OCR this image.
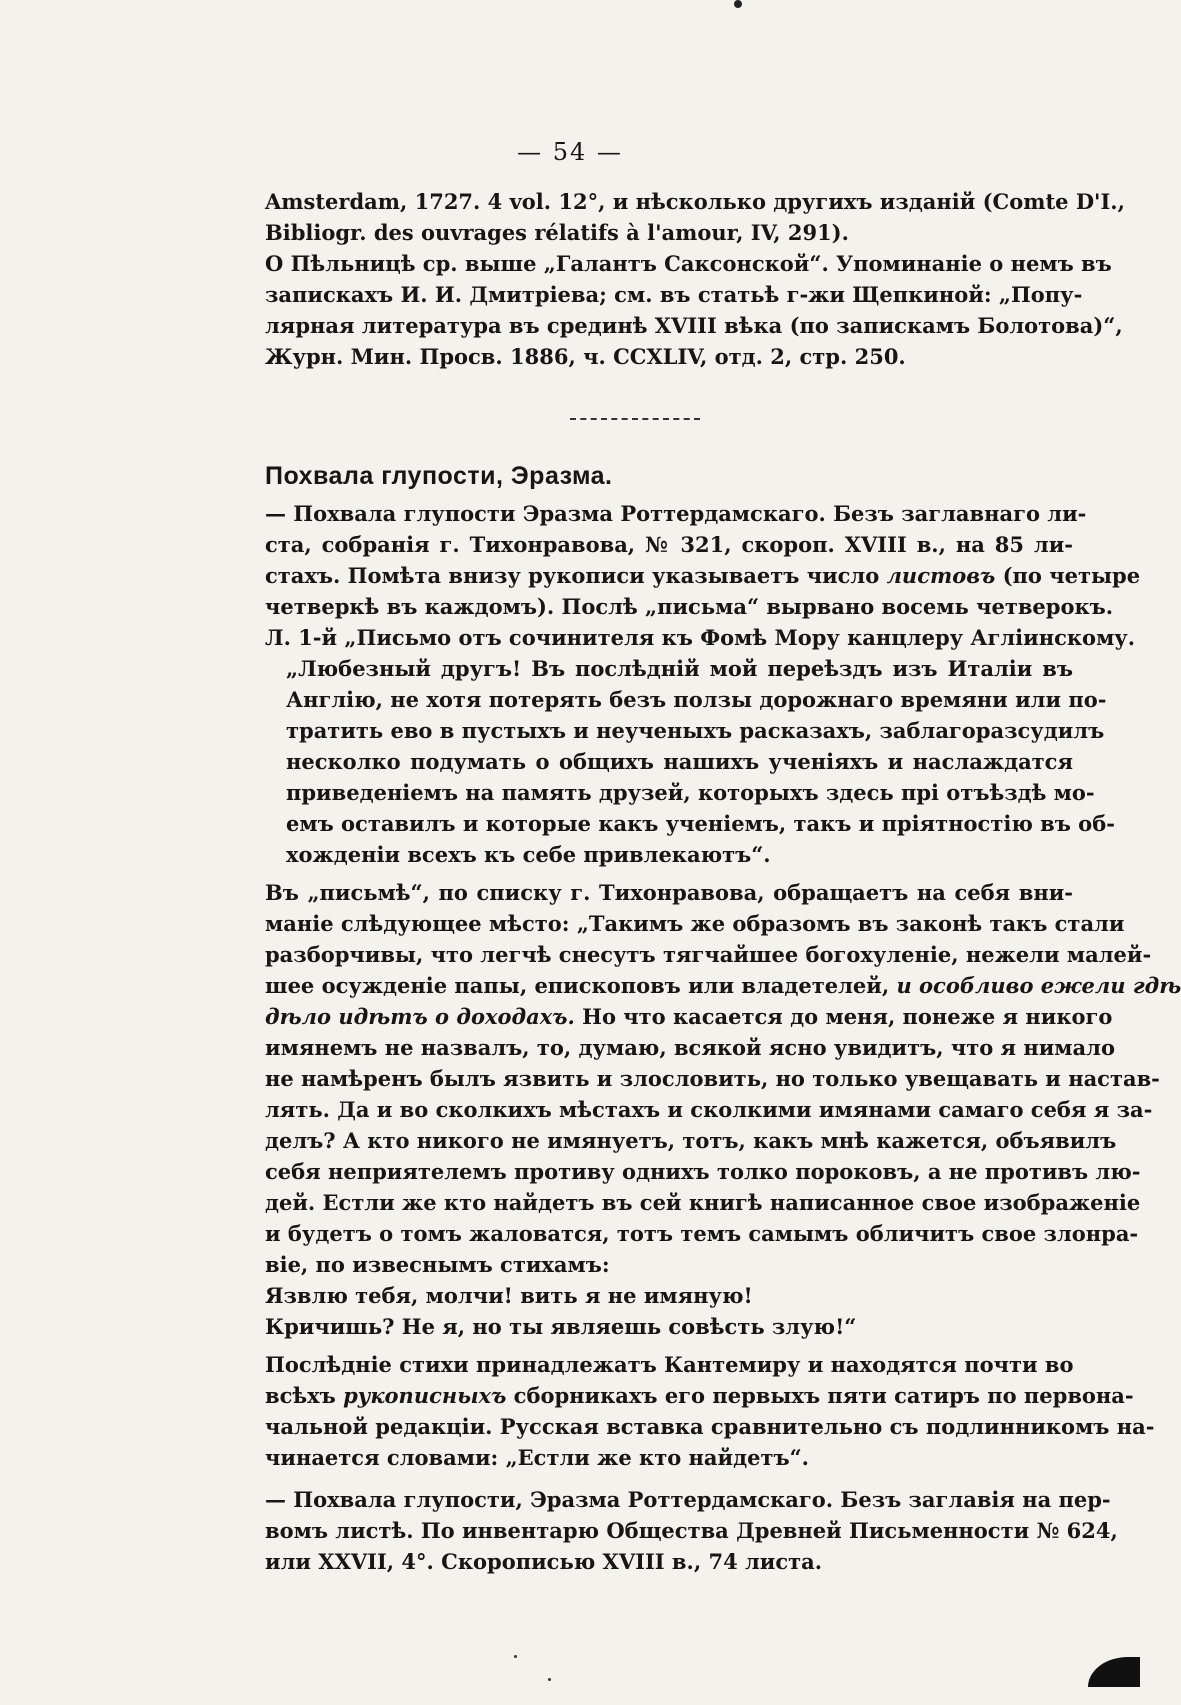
— 54 —
Amsterdam, 1727. 4 vol. 12°, и нѣсколько другихъ изданій (Comte D'I.,
Bibliogr. des ouvrages rélatifs à l'amour, IV, 291).
О Пѣльницѣ ср. выше „Галантъ Саксонской“. Упоминаніе о немъ въ
запискахъ И. И. Дмитріева; см. въ статьѣ г-жи Щепкиной: „Попу-
лярная литература въ срединѣ XVIII вѣка (по запискамъ Болотова)“,
Журн. Мин. Просв. 1886, ч. CCXLIV, отд. 2, стр. 250.
Похвала глупости, Эразма.
— Похвала глупости Эразма Роттердамскаго. Безъ заглавнаго ли-
ста, собранія г. Тихонравова, № 321, скороп. XVIII в., на 85 ли-
стахъ. Помѣта внизу рукописи указываетъ число листовъ (по четыре
четверкѣ въ каждомъ). Послѣ „письма“ вырвано восемь четверокъ.
Л. 1-й „Письмо отъ сочинителя къ Фомѣ Мору канцлеру Агліинскому.
„Любезный другъ! Въ послѣдній мой переѣздъ изъ Италіи въ
Англію, не хотя потерять безъ ползы дорожнаго времяни или по-
тратить ево в пустыхъ и неученыхъ расказахъ, заблагоразсудилъ
несколко подумать о общихъ нашихъ ученіяхъ и наслаждатся
приведеніемъ на память друзей, которыхъ здесь прі отъѣздѣ мо-
емъ оставилъ и которые какъ ученіемъ, такъ и пріятностію въ об-
хожденіи всехъ къ себе привлекаютъ“.
Въ „письмѣ“, по списку г. Тихонравова, обращаетъ на себя вни-
маніе слѣдующее мѣсто: „Такимъ же образомъ въ законѣ такъ стали
разборчивы, что легчѣ снесутъ тягчайшее богохуленіе, нежели малей-
шее осужденіе папы, епископовъ или владетелей, и особливо ежели гдѣ
дѣло идѣтъ о доходахъ. Но что касается до меня, понеже я никого
имянемъ не назвалъ, то, думаю, всякой ясно увидитъ, что я нимало
не намѣренъ былъ язвить и злословить, но только увещавать и настав-
лять. Да и во сколкихъ мѣстахъ и сколкими имянами самаго себя я за-
делъ? А кто никого не имянуетъ, тотъ, какъ мнѣ кажется, объявилъ
себя неприятелемъ противу однихъ толко пороковъ, а не противъ лю-
дей. Естли же кто найдетъ въ сей книгѣ написанное свое изображеніе
и будетъ о томъ жаловатся, тотъ темъ самымъ обличитъ свое злонра-
віе, по извеснымъ стихамъ:
Язвлю тебя, молчи! вить я не имяную!
Кричишь? Не я, но ты являешь совѣсть злую!“
Послѣдніе стихи принадлежатъ Кантемиру и находятся почти во
всѣхъ рукописныхъ сборникахъ его первыхъ пяти сатиръ по первона-
чальной редакціи. Русская вставка сравнительно съ подлинникомъ на-
чинается словами: „Естли же кто найдетъ“.
— Похвала глупости, Эразма Роттердамскаго. Безъ заглавія на пер-
вомъ листѣ. По инвентарю Общества Древней Письменности № 624,
или XXVII, 4°. Скорописью XVIII в., 74 листа.
